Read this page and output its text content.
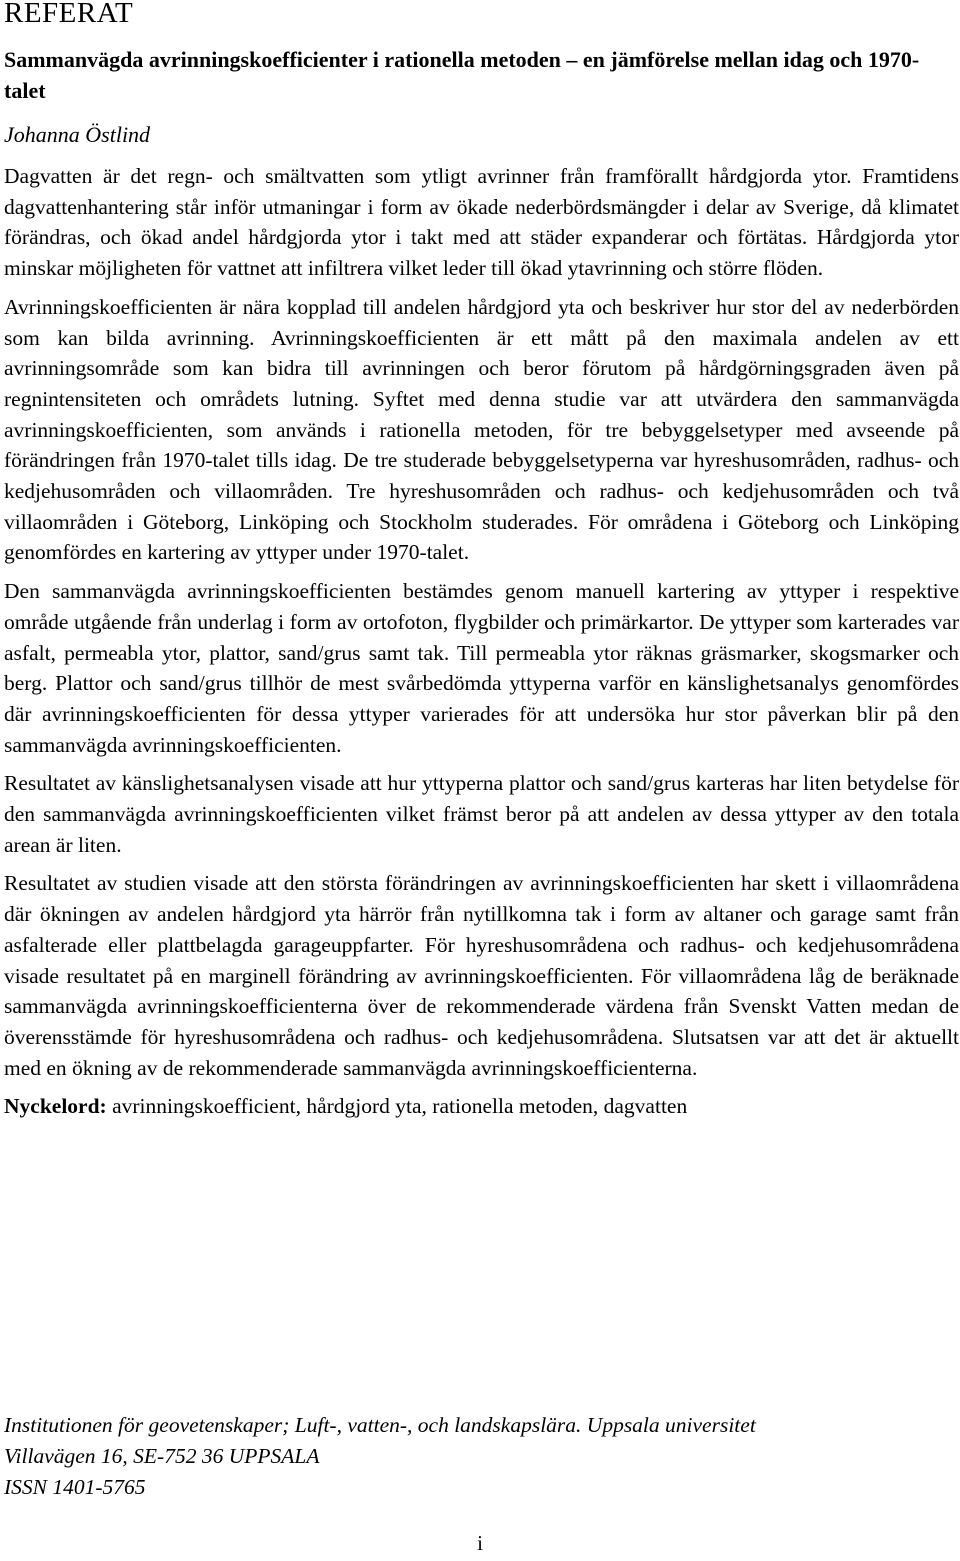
REFERAT
Sammanvägda avrinningskoefficienter i rationella metoden – en jämförelse mellan idag och 1970-talet
Johanna Östlind

Dagvatten är det regn- och smältvatten som ytligt avrinner från framförallt hårdgjorda ytor. Framtidens dagvattenhantering står inför utmaningar i form av ökade nederbördsmängder i delar av Sverige, då klimatet förändras, och ökad andel hårdgjorda ytor i takt med att städer expanderar och förtätas. Hårdgjorda ytor minskar möjligheten för vattnet att infiltrera vilket leder till ökad ytavrinning och större flöden.

Avrinningskoefficienten är nära kopplad till andelen hårdgjord yta och beskriver hur stor del av nederbörden som kan bilda avrinning. Avrinningskoefficienten är ett mått på den maximala andelen av ett avrinningsområde som kan bidra till avrinningen och beror förutom på hårdgörningsgraden även på regnintensiteten och områdets lutning. Syftet med denna studie var att utvärdera den sammanvägda avrinningskoefficienten, som används i rationella metoden, för tre bebyggelsetyper med avseende på förändringen från 1970-talet tills idag. De tre studerade bebyggelsetyperna var hyreshusområden, radhus- och kedjehusområden och villaområden. Tre hyreshusområden och radhus- och kedjehusområden och två villaområden i Göteborg, Linköping och Stockholm studerades. För områdena i Göteborg och Linköping genomfördes en kartering av yttyper under 1970-talet.

Den sammanvägda avrinningskoefficienten bestämdes genom manuell kartering av yttyper i respektive område utgående från underlag i form av ortofoton, flygbilder och primärkartor. De yttyper som karterades var asfalt, permeabla ytor, plattor, sand/grus samt tak. Till permeabla ytor räknas gräsmarker, skogsmarker och berg. Plattor och sand/grus tillhör de mest svårbedömda yttyperna varför en känslighetsanalys genomfördes där avrinningskoefficienten för dessa yttyper varierades för att undersöka hur stor påverkan blir på den sammanvägda avrinningskoefficienten.

Resultatet av känslighetsanalysen visade att hur yttyperna plattor och sand/grus karteras har liten betydelse för den sammanvägda avrinningskoefficienten vilket främst beror på att andelen av dessa yttyper av den totala arean är liten.

Resultatet av studien visade att den största förändringen av avrinningskoefficienten har skett i villaområdena där ökningen av andelen hårdgjord yta härrör från nytillkomna tak i form av altaner och garage samt från asfalterade eller plattbelagda garageuppfarter. För hyreshusområdena och radhus- och kedjehusområdena visade resultatet på en marginell förändring av avrinningskoefficienten. För villaområdena låg de beräknade sammanvägda avrinningskoefficienterna över de rekommenderade värdena från Svenskt Vatten medan de överensstämde för hyreshusområdena och radhus- och kedjehusområdena. Slutsatsen var att det är aktuellt med en ökning av de rekommenderade sammanvägda avrinningskoefficienterna.

Nyckelord: avrinningskoefficient, hårdgjord yta, rationella metoden, dagvatten

Institutionen för geovetenskaper; Luft-, vatten-, och landskapslära. Uppsala universitet
Villavägen 16, SE-752 36 UPPSALA
ISSN 1401-5765
i
